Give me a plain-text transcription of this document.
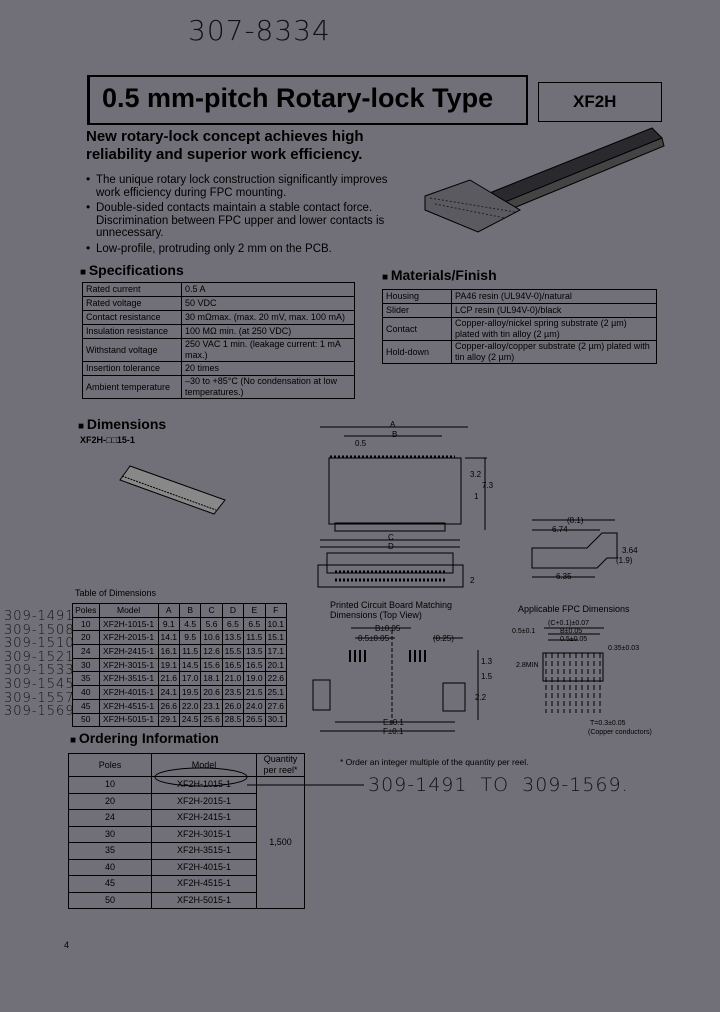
307-8334
0.5 mm-pitch Rotary-lock Type	XF2H
New rotary-lock concept achieves high reliability and superior work efficiency.
• The unique rotary lock construction significantly improves work efficiency during FPC mounting.
• Double-sided contacts maintain a stable contact force. Discrimination between FPC upper and lower contacts is unnecessary.
• Low-profile, protruding only 2 mm on the PCB.
■ Specifications
Rated current	0.5 A
Rated voltage	50 VDC
Contact resistance	30 mΩmax. (max. 20 mV, max. 100 mA)
Insulation resistance	100 MΩ min. (at 250 VDC)
Withstand voltage	250 VAC 1 min. (leakage current: 1 mA max.)
Insertion tolerance	20 times
Ambient temperature	–30 to +85°C (No condensation at low temperatures.)
■ Materials/Finish
Housing	PA46 resin (UL94V-0)/natural
Slider	LCP resin (UL94V-0)/black
Contact	Copper-alloy/nickel spring substrate (2 µm) plated with tin alloy (2 µm)
Hold-down	Copper-alloy/copper substrate (2 µm) plated with tin alloy (2 µm)
■ Dimensions
XF2H-□□15-1
A
B
0.5
3.2
7.3
1
C
D
2
(8.1)
6.74
3.64
(1.9)
6.35
Table of Dimensions
Poles	Model	A	B	C	D	E	F
10	XF2H-1015-1	9.1	4.5	5.6	6.5	6.5	10.1
20	XF2H-2015-1	14.1	9.5	10.6	13.5	11.5	15.1
24	XF2H-2415-1	16.1	11.5	12.6	15.5	13.5	17.1
30	XF2H-3015-1	19.1	14.5	15.6	16.5	16.5	20.1
35	XF2H-3515-1	21.6	17.0	18.1	21.0	19.0	22.6
40	XF2H-4015-1	24.1	19.5	20.6	23.5	21.5	25.1
45	XF2H-4515-1	26.6	22.0	23.1	26.0	24.0	27.6
50	XF2H-5015-1	29.1	24.5	25.6	28.5	26.5	30.1
309-1491
309-1508
309-1510
309-1521
309-1533
309-1545
309-1557
309-1569
Printed Circuit Board Matching Dimensions (Top View)
B±0.05
0.5±0.05	(0.25)
1.3
1.5
2.2
E±0.1
F±0.1
Applicable FPC Dimensions
(C+0.1)±0.07
B±0.05
0.5±0.05
0.5±0.1
0.35±0.03
2.8MIN
T=0.3±0.05
(Copper conductors)
■ Ordering Information
Poles	Model	Quantity per reel*
10	XF2H-1015-1	1,500
20	XF2H-2015-1	
24	XF2H-2415-1	
30	XF2H-3015-1	
35	XF2H-3515-1	
40	XF2H-4015-1	
45	XF2H-4515-1	
50	XF2H-5015-1	
* Order an integer multiple of the quantity per reel.
309-1491 TO 309-1569.
4
